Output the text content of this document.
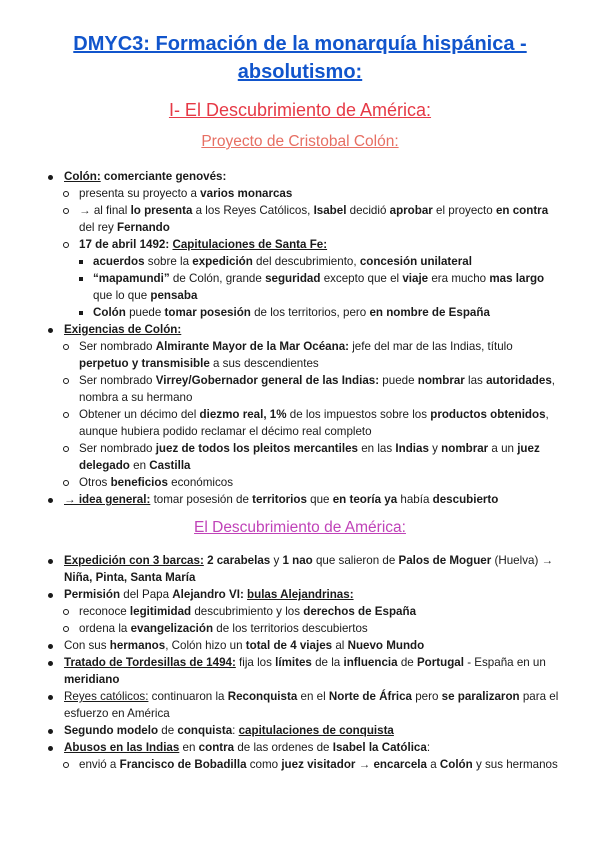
DMYC3: Formación de la monarquía hispánica - absolutismo:
I- El Descubrimiento de América:
Proyecto de Cristobal Colón:
Colón: comerciante genovés:
presenta su proyecto a varios monarcas
→ al final lo presenta a los Reyes Católicos, Isabel decidió aprobar el proyecto en contra del rey Fernando
17 de abril 1492: Capitulaciones de Santa Fe:
acuerdos sobre la expedición del descubrimiento, concesión unilateral
“mapamundi” de Colón, grande seguridad excepto que el viaje era mucho mas largo que lo que pensaba
Colón puede tomar posesión de los territorios, pero en nombre de España
Exigencias de Colón:
Ser nombrado Almirante Mayor de la Mar Océana: jefe del mar de las Indias, título perpetuo y transmisible a sus descendientes
Ser nombrado Virrey/Gobernador general de las Indias: puede nombrar las autoridades, nombra a su hermano
Obtener un décimo del diezmo real, 1% de los impuestos sobre los productos obtenidos, aunque hubiera podido reclamar el décimo real completo
Ser nombrado juez de todos los pleitos mercantiles en las Indias y nombrar a un juez delegado en Castilla
Otros beneficios económicos
→ idea general: tomar posesión de territorios que en teoría ya había descubierto
El Descubrimiento de América:
Expedición con 3 barcas: 2 carabelas y 1 nao que salieron de Palos de Moguer (Huelva) → Niña, Pinta, Santa María
Permisión del Papa Alejandro VI: bulas Alejandrinas:
reconoce legitimidad descubrimiento y los derechos de España
ordena la evangelización de los territorios descubiertos
Con sus hermanos, Colón hizo un total de 4 viajes al Nuevo Mundo
Tratado de Tordesillas de 1494: fija los límites de la influencia de Portugal - España en un meridiano
Reyes católicos: continuaron la Reconquista en el Norte de África pero se paralizaron para el esfuerzo en América
Segundo modelo de conquista: capitulaciones de conquista
Abusos en las Indias en contra de las ordenes de Isabel la Católica:
envió a Francisco de Bobadilla como juez visitador → encarcela a Colón y sus hermanos
